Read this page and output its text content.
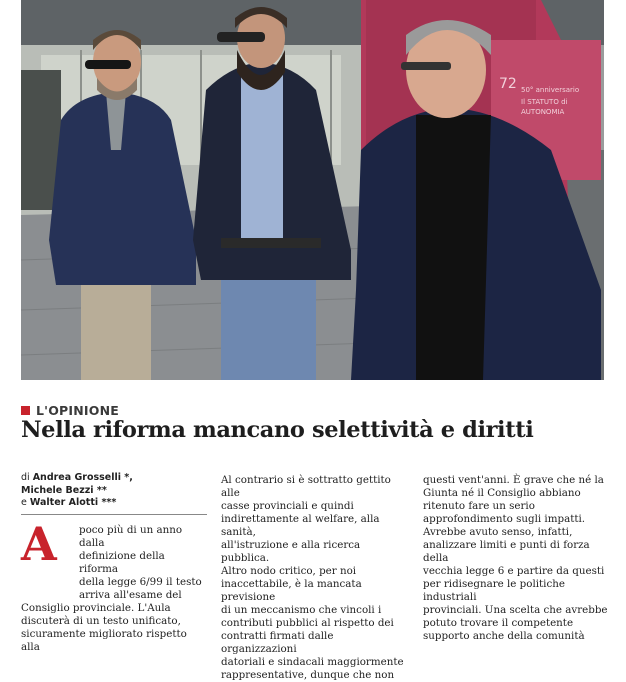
72 50° anniversario
Il STATUTO di
AUTONOMIA
L'OPINIONE
Nella riforma mancano selettività e diritti
di Andrea Grosselli *,
Michele Bezzi **
e Walter Alotti ***
A	poco più di un anno dalla

definizione della riforma

della legge 6/99 il testo

arriva all'esame del

Consiglio provinciale. L'Aula

discuterà di un testo unificato,

sicuramente migliorato rispetto alla

Al contrario si è sottratto gettito alle

casse provinciali e quindi

indirettamente al welfare, alla sanità,

all'istruzione e alla ricerca pubblica.

Altro nodo critico, per noi

inaccettabile, è la mancata previsione

di un meccanismo che vincoli i

contributi pubblici al rispetto dei

contratti firmati dalle organizzazioni

datoriali e sindacali maggiormente

rappresentative, dunque che non

questi vent'anni. È grave che né la

Giunta né il Consiglio abbiano

ritenuto fare un serio

approfondimento sugli impatti.

Avrebbe avuto senso, infatti,

analizzare limiti e punti di forza della

vecchia legge 6 e partire da questi

per ridisegnare le politiche industriali

provinciali. Una scelta che avrebbe

potuto trovare il competente

supporto anche della comunità
